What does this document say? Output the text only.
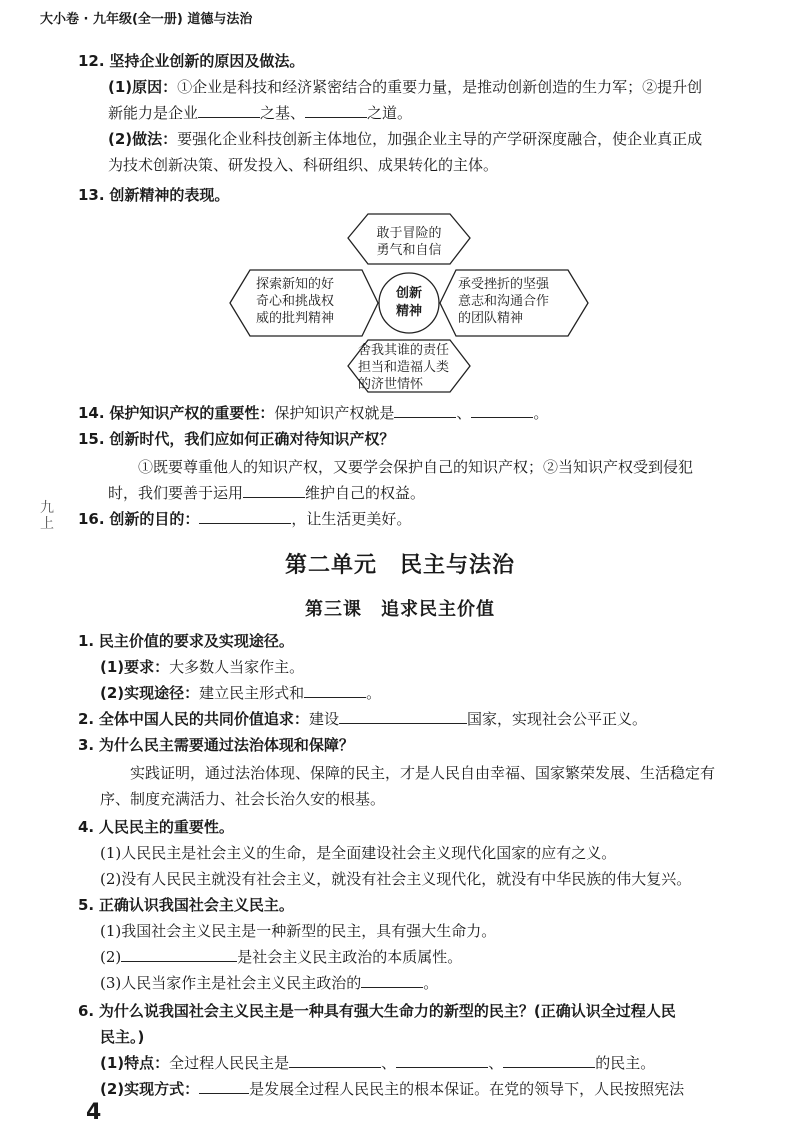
大小卷 · 九年级(全一册) 道德与法治
12. 坚持企业创新的原因及做法。
(1)原因：①企业是科技和经济紧密结合的重要力量，是推动创新创造的生力军；②提升创
新能力是企业	之基、	之道。
(2)做法：要强化企业科技创新主体地位，加强企业主导的产学研深度融合，使企业真正成
为技术创新决策、研发投入、科研组织、成果转化的主体。
13. 创新精神的表现。
创新
精神
敢于冒险的
勇气和自信
探索新知的好
奇心和挑战权
威的批判精神
承受挫折的坚强
意志和沟通合作
的团队精神
舍我其谁的责任
担当和造福人类
的济世情怀
14. 保护知识产权的重要性：保护知识产权就是	、	。
15. 创新时代，我们应如何正确对待知识产权？
①既要尊重他人的知识产权，又要学会保护自己的知识产权；②当知识产权受到侵犯
时，我们要善于运用	维护自己的权益。
九
上 16. 创新的目的：	，让生活更美好。
第二单元　民主与法治
第三课　追求民主价值
1. 民主价值的要求及实现途径。
(1)要求：大多数人当家作主。
(2)实现途径：建立民主形式和	。
2. 全体中国人民的共同价值追求：建设	国家，实现社会公平正义。
3. 为什么民主需要通过法治体现和保障？
实践证明，通过法治体现、保障的民主，才是人民自由幸福、国家繁荣发展、生活稳定有
序、制度充满活力、社会长治久安的根基。
4. 人民民主的重要性。
(1)人民民主是社会主义的生命，是全面建设社会主义现代化国家的应有之义。
(2)没有人民民主就没有社会主义，就没有社会主义现代化，就没有中华民族的伟大复兴。
5. 正确认识我国社会主义民主。
(1)我国社会主义民主是一种新型的民主，具有强大生命力。
(2)	是社会主义民主政治的本质属性。
(3)人民当家作主是社会主义民主政治的	。
6. 为什么说我国社会主义民主是一种具有强大生命力的新型的民主？(正确认识全过程人民
民主。)
(1)特点：全过程人民民主是	、	、	的民主。
(2)实现方式：	是发展全过程人民民主的根本保证。在党的领导下，人民按照宪法
4
